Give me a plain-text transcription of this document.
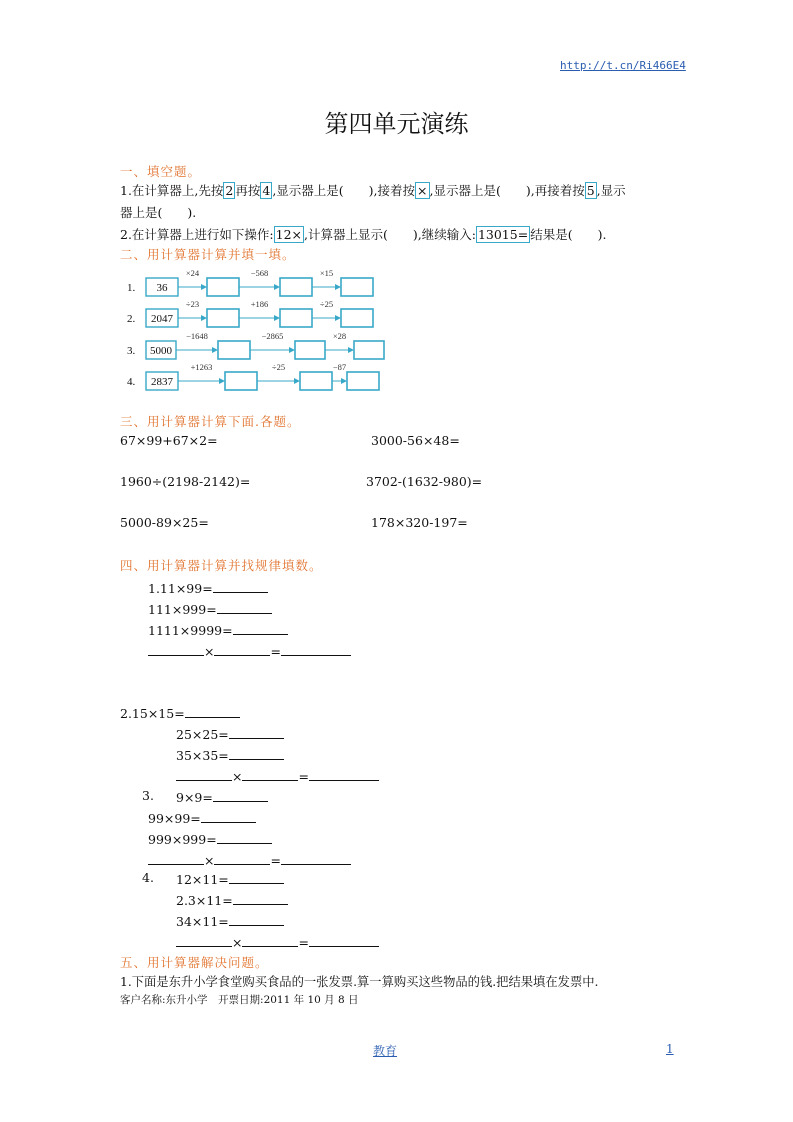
http://t.cn/Ri466E4
第四单元演练
一、填空题。
1.在计算器上,先按 2 再按 4 ,显示器上是(　　),接着按 × ,显示器上是(　　),再接着按 5 ,显示
器上是(　　).
2.在计算器上进行如下操作: 12× ,计算器上显示(　　),继续输入: 13015= 结果是(　　).
二、用计算器计算并填一填。
1. 36
×24	−568	×15
2. 2047
÷23	+186	÷25
3. 5000
−1648	−2865	×28
4. 2837
+1263	÷25	−87
三、用计算器计算下面.各题。
67×99+67×2=	3000-56×48=
1960÷(2198-2142)=	3702-(1632-980)=
5000-89×25=	178×320-197=
四、用计算器计算并找规律填数。
1.11×99=
111×999=
1111×9999=
×	=
2.15×15=
25×25=
35×35=
×	=
3. 9×9=
99×99=
999×999=
×	=
4. 12×11=
2.3×11=
34×11=
×	=
五、用计算器解决问题。
1.下面是东升小学食堂购买食品的一张发票.算一算购买这些物品的钱.把结果填在发票中.
客户名称:东升小学　开票日期:2011 年 10 月 8 日
教育	1
